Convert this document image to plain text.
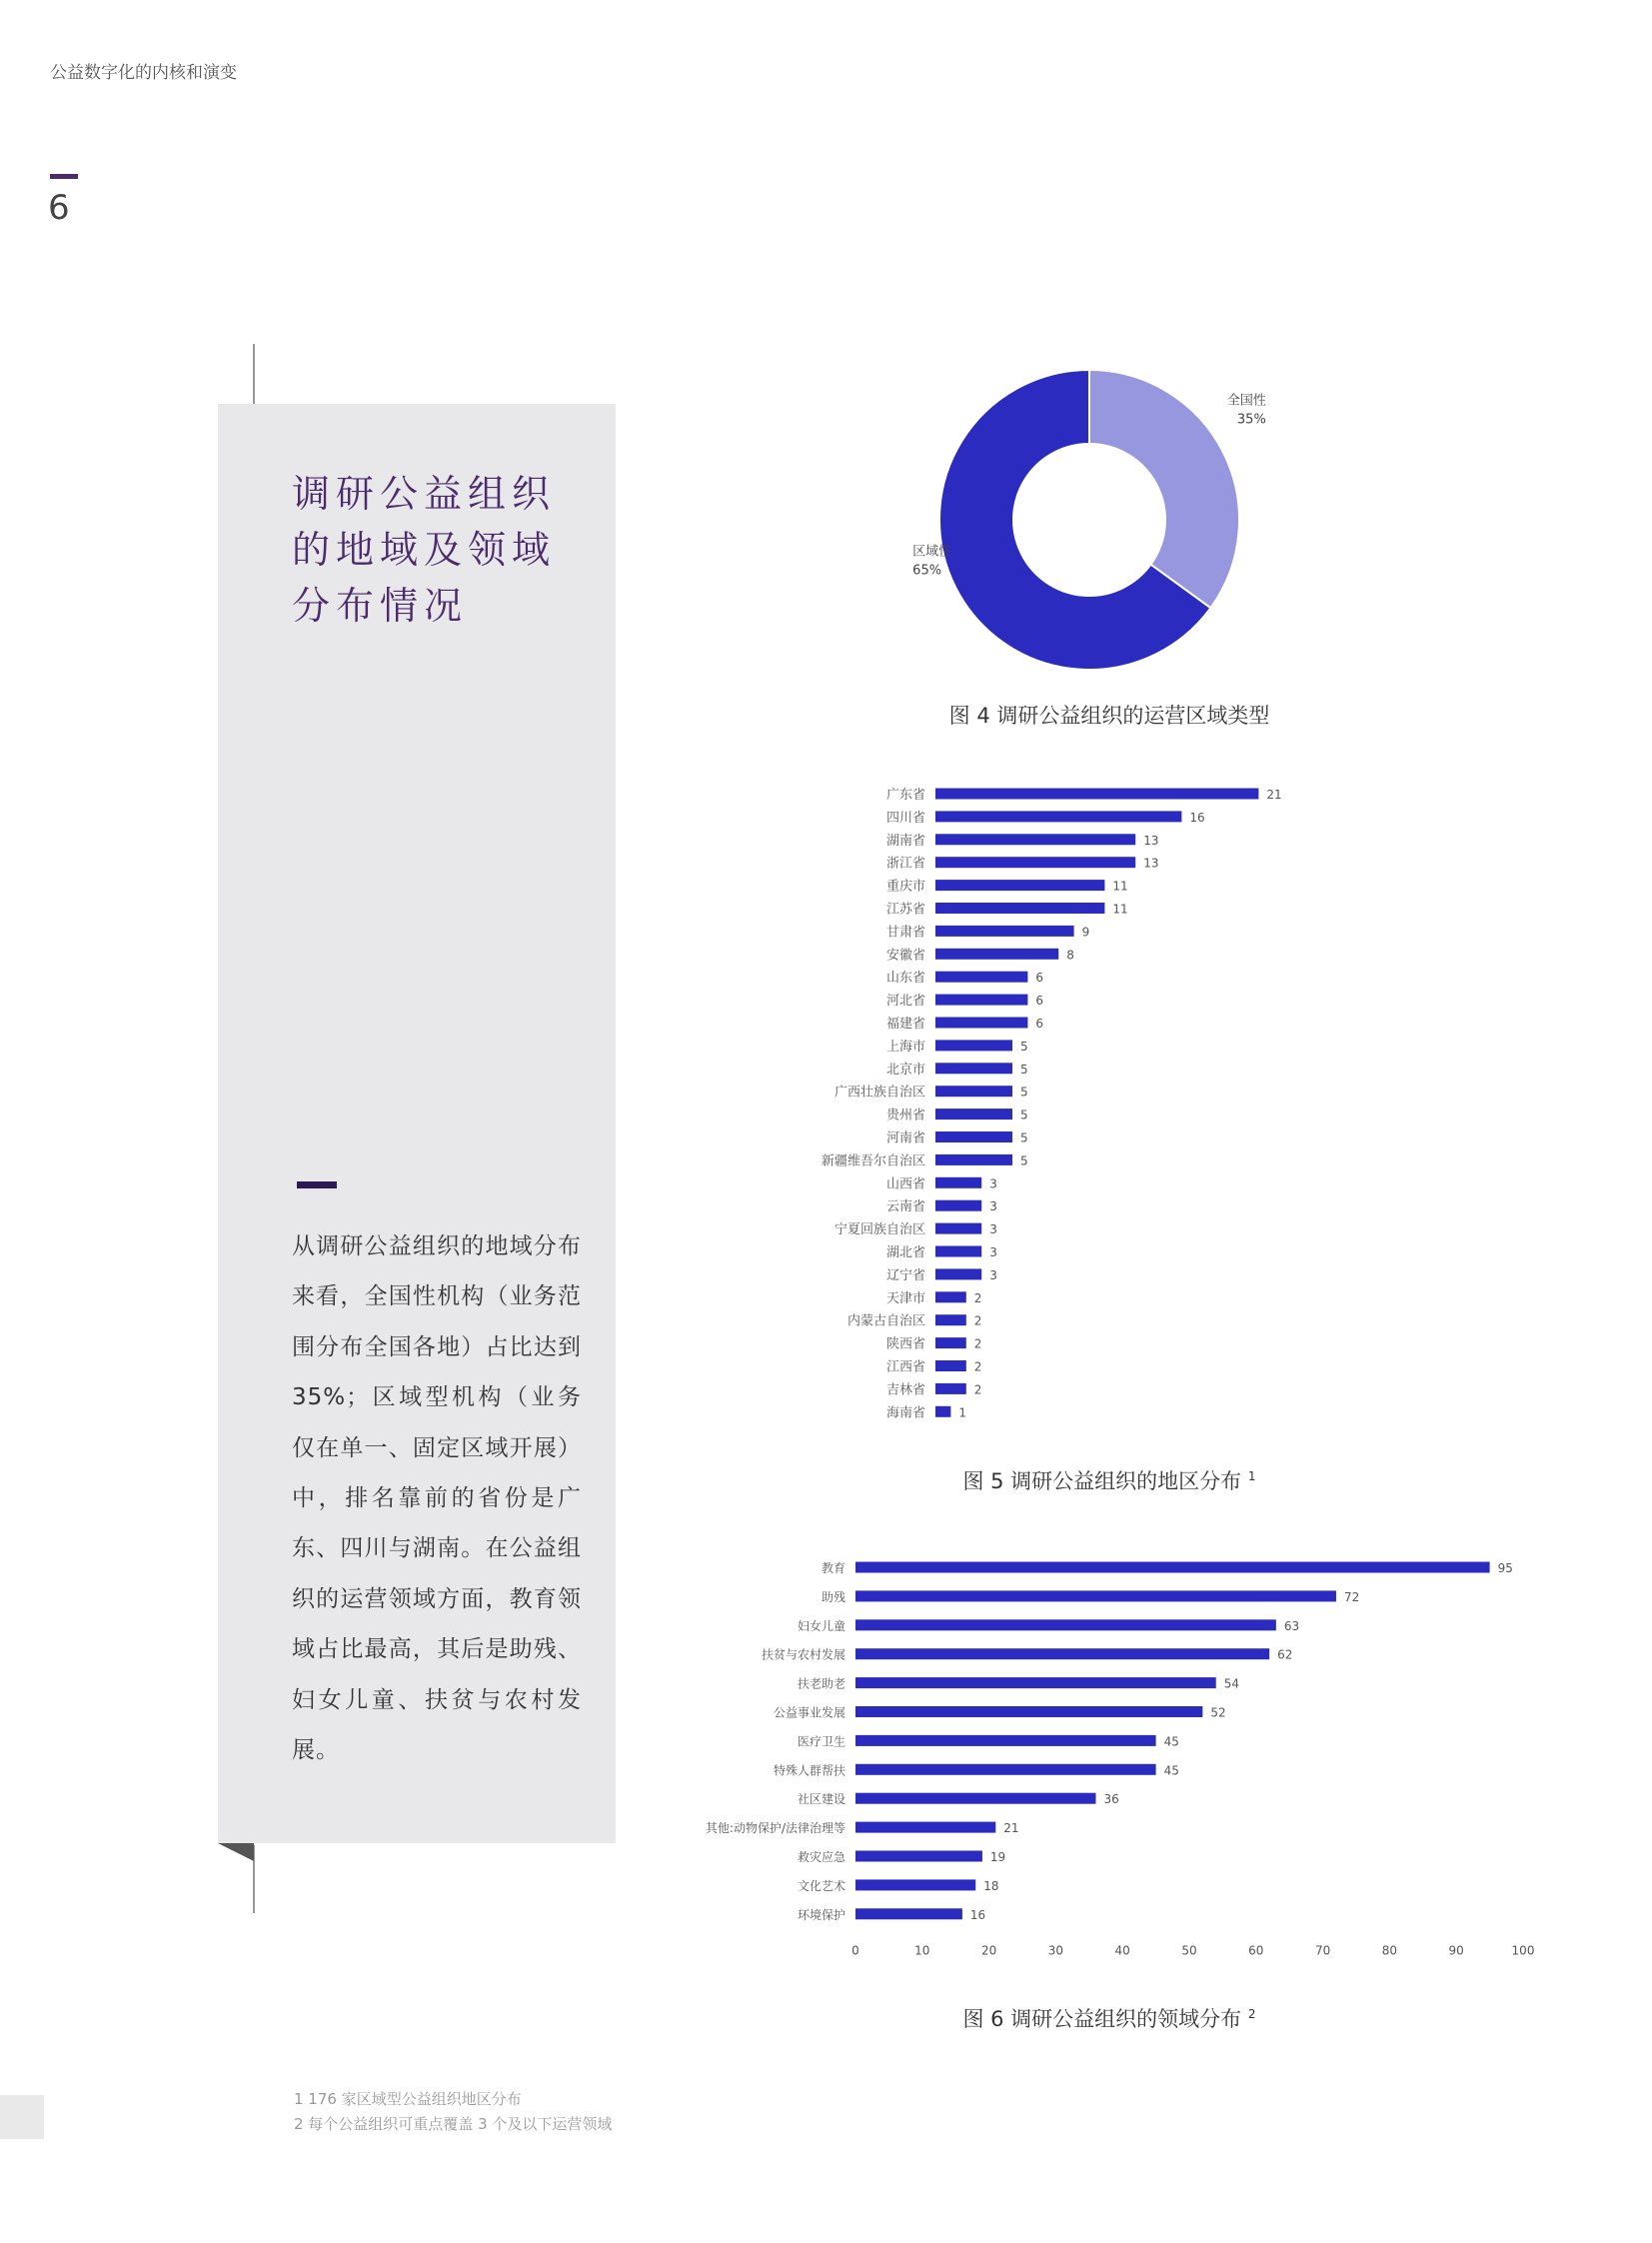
公益数字化的内核和演变
6
调研公益组织
的地域及领域
分布情况
从调研公益组织的地域分布来看，全国性机构（业务范围分布全国各地）占比达到35%；区域型机构（业务仅在单一、固定区域开展）中，排名靠前的省份是广东、四川与湖南。在公益组织的运营领域方面，教育领域占比最高，其后是助残、妇女儿童、扶贫与农村发展。
全国性
35%
区域性
65%
图 4 调研公益组织的运营区域类型
广东省	21
四川省	16
湖南省	13
浙江省	13
重庆市	11
江苏省	11
甘肃省	9
安徽省	8
山东省	6
河北省	6
福建省	6
上海市	5
北京市	5
广西壮族自治区	5
贵州省	5
河南省	5
新疆维吾尔自治区	5
山西省	3
云南省	3
宁夏回族自治区	3
湖北省	3
辽宁省	3
天津市	2
内蒙古自治区	2
陕西省	2
江西省	2
吉林省	2
海南省	1
图 5 调研公益组织的地区分布 $^1$
教育	95
助残	72
妇女儿童	63
扶贫与农村发展	62
扶老助老	54
公益事业发展	52
医疗卫生	45
特殊人群帮扶	45
社区建设	36
其他:动物保护/法律治理等	21
救灾应急	19
文化艺术	18
环境保护	16
0	10	20	30	40	50	60	70	80	90	100
图 6 调研公益组织的领域分布 $^2$
1 176 家区域型公益组织地区分布
2 每个公益组织可重点覆盖 3 个及以下运营领域
